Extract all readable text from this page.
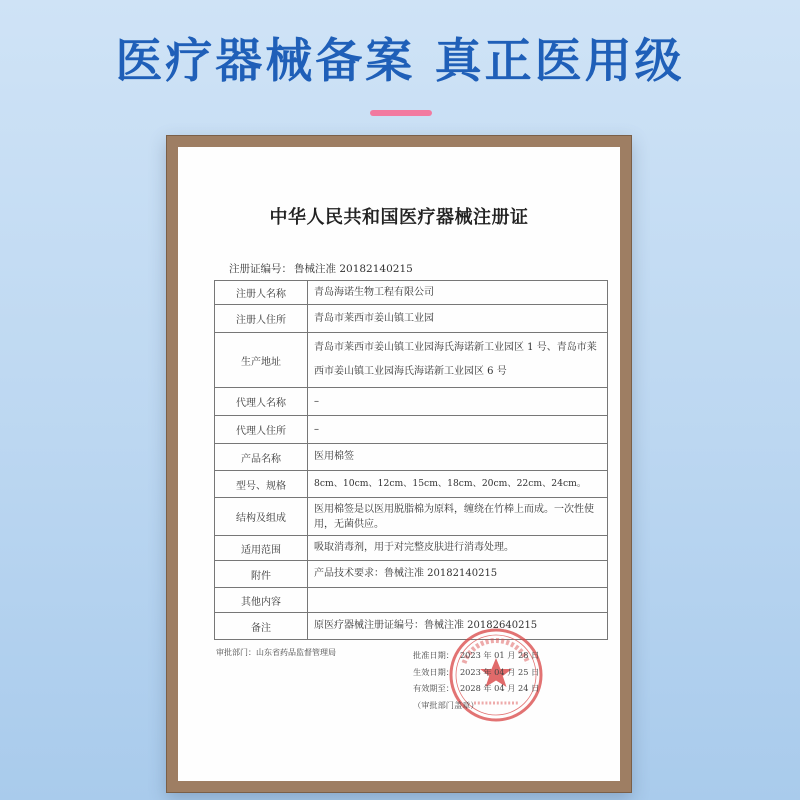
医疗器械备案 真正医用级
中华人民共和国医疗器械注册证
注册证编号： 鲁械注准 20182140215
注册人名称	青岛海诺生物工程有限公司
注册人住所	青岛市莱西市姜山镇工业园
生产地址	青岛市莱西市姜山镇工业园海氏海诺新工业园区 1 号、青岛市莱西市姜山镇工业园海氏海诺新工业园区 6 号
代理人名称	–
代理人住所	–
产品名称	医用棉签
型号、规格	8cm、10cm、12cm、15cm、18cm、20cm、22cm、24cm。
结构及组成	医用棉签是以医用脱脂棉为原料，缠绕在竹棒上而成。一次性使用，无菌供应。
适用范围	吸取消毒剂，用于对完整皮肤进行消毒处理。
附件	产品技术要求：鲁械注准 20182140215
其他内容	
备注	原医疗器械注册证编号：鲁械注准 20182640215
审批部门：山东省药品监督管理局	批准日期： 2023 年 01 月 28 日
生效日期： 2023 年 04 月 25 日
有效期至： 2028 年 04 月 24 日
（审批部门盖章）
